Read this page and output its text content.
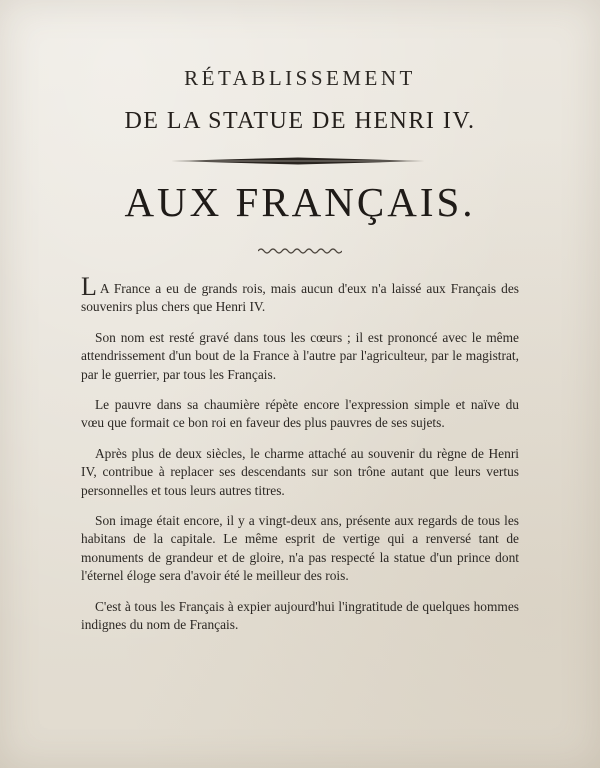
RÉTABLISSEMENT
DE LA STATUE DE HENRI IV.
AUX FRANÇAIS.

L A France a eu de grands rois, mais aucun d'eux n'a laissé aux Français des souvenirs plus chers que Henri IV.

Son nom est resté gravé dans tous les cœurs ; il est prononcé avec le même attendrissement d'un bout de la France à l'autre par l'agriculteur, par le magistrat, par le guerrier, par tous les Français.

Le pauvre dans sa chaumière répète encore l'expression simple et naïve du vœu que formait ce bon roi en faveur des plus pauvres de ses sujets.

Après plus de deux siècles, le charme attaché au souvenir du règne de Henri IV, contribue à replacer ses descendants sur son trône autant que leurs vertus personnelles et tous leurs autres titres.

Son image était encore, il y a vingt-deux ans, présente aux regards de tous les habitans de la capitale. Le même esprit de vertige qui a renversé tant de monuments de grandeur et de gloire, n'a pas respecté la statue d'un prince dont l'éternel éloge sera d'avoir été le meilleur des rois.

C'est à tous les Français à expier aujourd'hui l'ingratitude de quelques hommes indignes du nom de Français.
